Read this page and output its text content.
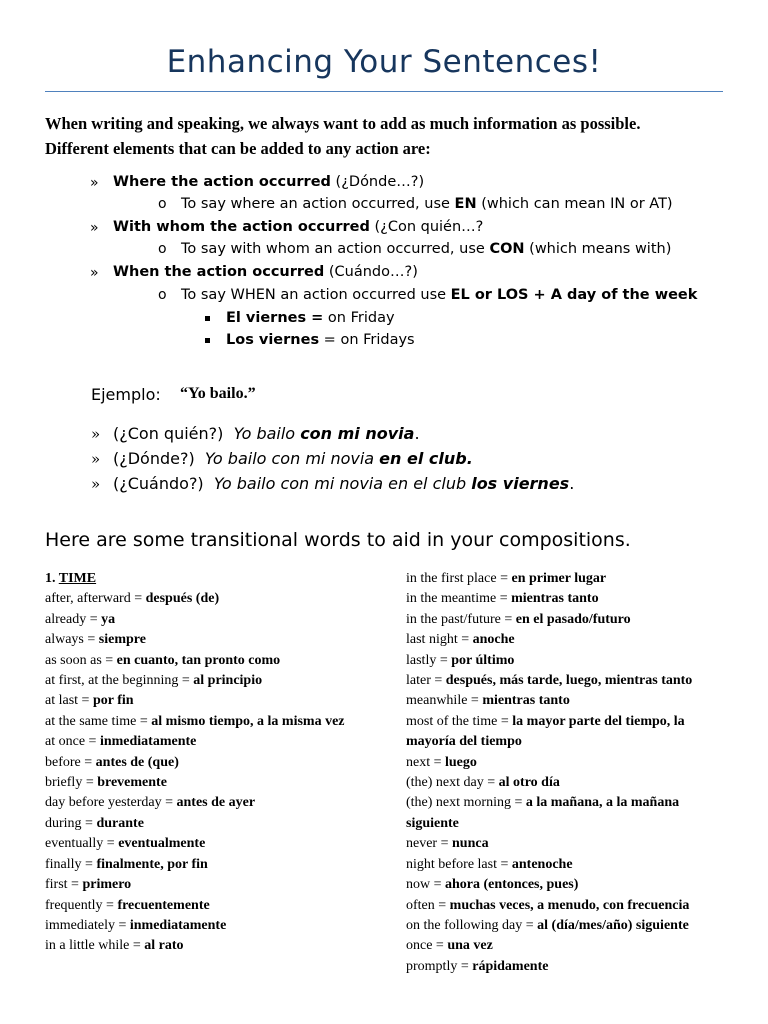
Enhancing Your Sentences!

When writing and speaking, we always want to add as much information as possible.

Different elements that can be added to any action are:

» Where the action occurred (¿Dónde…?)
o To say where an action occurred, use EN (which can mean IN or AT)
» With whom the action occurred (¿Con quién…?
o To say with whom an action occurred, use CON (which means with)
» When the action occurred (Cuándo…?)
o To say WHEN an action occurred use EL or LOS + A day of the week
El viernes = on Friday
Los viernes = on Fridays
Ejemplo: “Yo bailo.”
» (¿Con quién?) Yo bailo con mi novia.
» (¿Dónde?) Yo bailo con mi novia en el club.
» (¿Cuándo?) Yo bailo con mi novia en el club los viernes.
Here are some transitional words to aid in your compositions.
1. TIME
after, afterward = después (de)
already = ya
always = siempre
as soon as = en cuanto, tan pronto como
at first, at the beginning = al principio
at last = por fin
at the same time = al mismo tiempo, a la misma vez
at once = inmediatamente
before = antes de (que)
briefly = brevemente
day before yesterday = antes de ayer
during = durante
eventually = eventualmente
finally = finalmente, por fin
first = primero
frequently = frecuentemente
immediately = inmediatamente
in a little while = al rato
in the first place = en primer lugar
in the meantime = mientras tanto
in the past/future = en el pasado/futuro
last night = anoche
lastly = por último
later = después, más tarde, luego, mientras tanto
meanwhile = mientras tanto
most of the time = la mayor parte del tiempo, la mayoría del tiempo
next = luego
(the) next day = al otro día
(the) next morning = a la mañana, a la mañana siguiente
never = nunca
night before last = antenoche
now = ahora (entonces, pues)
often = muchas veces, a menudo, con frecuencia
on the following day = al (día/mes/año) siguiente
once = una vez
promptly = rápidamente
